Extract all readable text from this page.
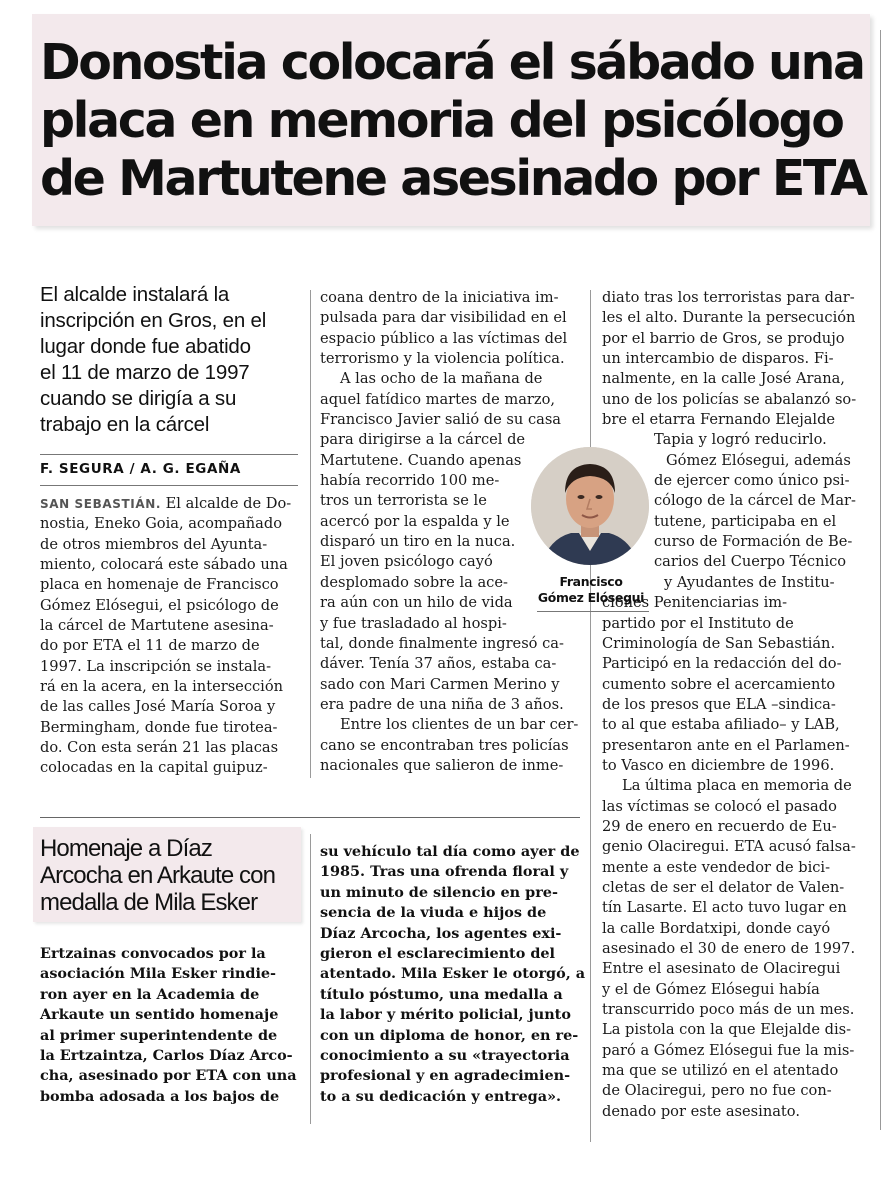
Donostia colocará el sábado una
placa en memoria del psicólogo
de Martutene asesinado por ETA
El alcalde instalará la
inscripción en Gros, en el
lugar donde fue abatido
el 11 de marzo de 1997
cuando se dirigía a su
trabajo en la cárcel
F. SEGURA / A. G. EGAÑA
SAN SEBASTIÁN. El alcalde de Do-
nostia, Eneko Goia, acompañado
de otros miembros del Ayunta-
miento, colocará este sábado una
placa en homenaje de Francisco
Gómez Elósegui, el psicólogo de
la cárcel de Martutene asesina-
do por ETA el 11 de marzo de
1997. La inscripción se instala-
rá en la acera, en la intersección
de las calles José María Soroa y
Bermingham, donde fue tiroteа-
do. Con esta serán 21 las placas
colocadas en la capital guipuz-
coana dentro de la iniciativa im-
pulsada para dar visibilidad en el
espacio público a las víctimas del
terrorismo y la violencia política.
A las ocho de la mañana de
aquel fatídico martes de marzo,
Francisco Javier salió de su casa
para dirigirse a la cárcel de
Martutene. Cuando apenas
había recorrido 100 me-
tros un terrorista se le
acercó por la espalda y le
disparó un tiro en la nuca.
El joven psicólogo cayó
desplomado sobre la ace-
ra aún con un hilo de vida
y fue trasladado al hospi-
tal, donde finalmente ingresó ca-
dáver. Tenía 37 años, estaba ca-
sado con Mari Carmen Merino y
era padre de una niña de 3 años.
Entre los clientes de un bar cer-
cano se encontraban tres policías
nacionales que salieron de inme-
diato tras los terroristas para dar-
les el alto. Durante la persecución
por el barrio de Gros, se produjo
un intercambio de disparos. Fi-
nalmente, en la calle José Arana,
uno de los policías se abalanzó so-
bre el etarra Fernando Elejalde
Tapia y logró reducirlo.
Gómez Elósegui, además
de ejercer como único psi-
cólogo de la cárcel de Mar-
tutene, participaba en el
curso de Formación de Be-
carios del Cuerpo Técnico
y Ayudantes de Institu-
ciones Penitenciarias im-
partido por el Instituto de
Criminología de San Sebastián.
Participó en la redacción del do-
cumento sobre el acercamiento
de los presos que ELA –sindica-
to al que estaba afiliado– y LAB,
presentaron ante en el Parlamen-
to Vasco en diciembre de 1996.
La última placa en memoria de
las víctimas se colocó el pasado
29 de enero en recuerdo de Eu-
genio Olaciregui. ETA acusó falsa-
mente a este vendedor de bici-
cletas de ser el delator de Valen-
tín Lasarte. El acto tuvo lugar en
la calle Bordatxipi, donde cayó
asesinado el 30 de enero de 1997.
Entre el asesinato de Olaciregui
y el de Gómez Elósegui había
transcurrido poco más de un mes.
La pistola con la que Elejalde dis-
paró a Gómez Elósegui fue la mis-
ma que se utilizó en el atentado
de Olaciregui, pero no fue con-
denado por este asesinato.
Francisco
Gómez Elósegui
Homenaje a Díaz
Arcocha en Arkaute con
medalla de Mila Esker
Ertzainas convocados por la
asociación Mila Esker rindie-
ron ayer en la Academia de
Arkaute un sentido homenaje
al primer superintendente de
la Ertzaintza, Carlos Díaz Arco-
cha, asesinado por ETA con una
bomba adosada a los bajos de
su vehículo tal día como ayer de
1985. Tras una ofrenda floral y
un minuto de silencio en pre-
sencia de la viuda e hijos de
Díaz Arcocha, los agentes exi-
gieron el esclarecimiento del
atentado. Mila Esker le otorgó, a
título póstumo, una medalla a
la labor y mérito policial, junto
con un diploma de honor, en re-
conocimiento a su «trayectoria
profesional y en agradecimien-
to a su dedicación y entrega».
